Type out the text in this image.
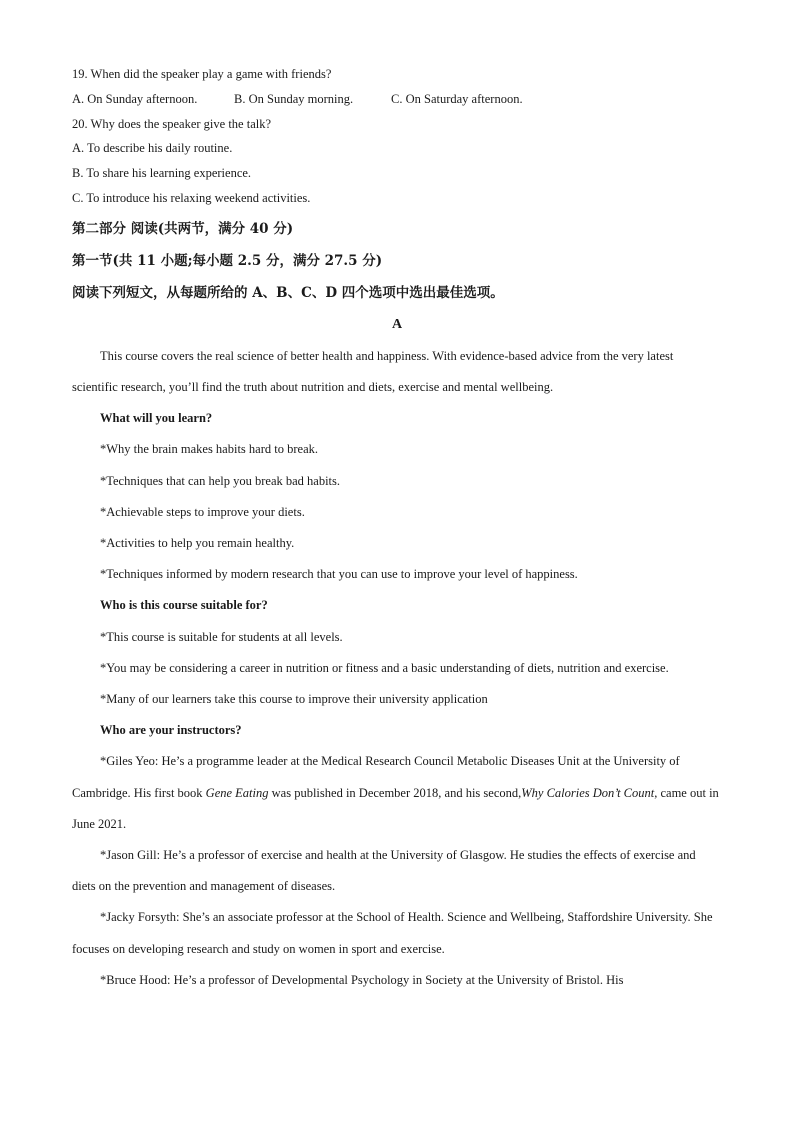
19. When did the speaker play a game with friends?

A. On Sunday afternoon.	B. On Sunday morning.	C. On Saturday afternoon.

20. Why does the speaker give the talk?

A. To describe his daily routine.

B. To share his learning experience.

C. To introduce his relaxing weekend activities.

第二部分 阅读(共两节，满分 40 分)

第一节(共 11 小题;每小题 2.5 分，满分 27.5 分)

阅读下列短文，从每题所给的 A、B、C、D 四个选项中选出最佳选项。

A

This course covers the real science of better health and happiness. With evidence-based advice from the very latest scientific research, you’ll find the truth about nutrition and diets, exercise and mental wellbeing.

What will you learn?

*Why the brain makes habits hard to break.

*Techniques that can help you break bad habits.

*Achievable steps to improve your diets.

*Activities to help you remain healthy.

*Techniques informed by modern research that you can use to improve your level of happiness.

Who is this course suitable for?

*This course is suitable for students at all levels.

*You may be considering a career in nutrition or fitness and a basic understanding of diets, nutrition and exercise.

*Many of our learners take this course to improve their university application

Who are your instructors?

*Giles Yeo: He’s a programme leader at the Medical Research Council Metabolic Diseases Unit at the University of Cambridge. His first book Gene Eating was published in December 2018, and his second,Why Calories Don’t Count, came out in June 2021.

*Jason Gill: He’s a professor of exercise and health at the University of Glasgow. He studies the effects of exercise and diets on the prevention and management of diseases.

*Jacky Forsyth: She’s an associate professor at the School of Health. Science and Wellbeing, Staffordshire University. She focuses on developing research and study on women in sport and exercise.

*Bruce Hood: He’s a professor of Developmental Psychology in Society at the University of Bristol. His
